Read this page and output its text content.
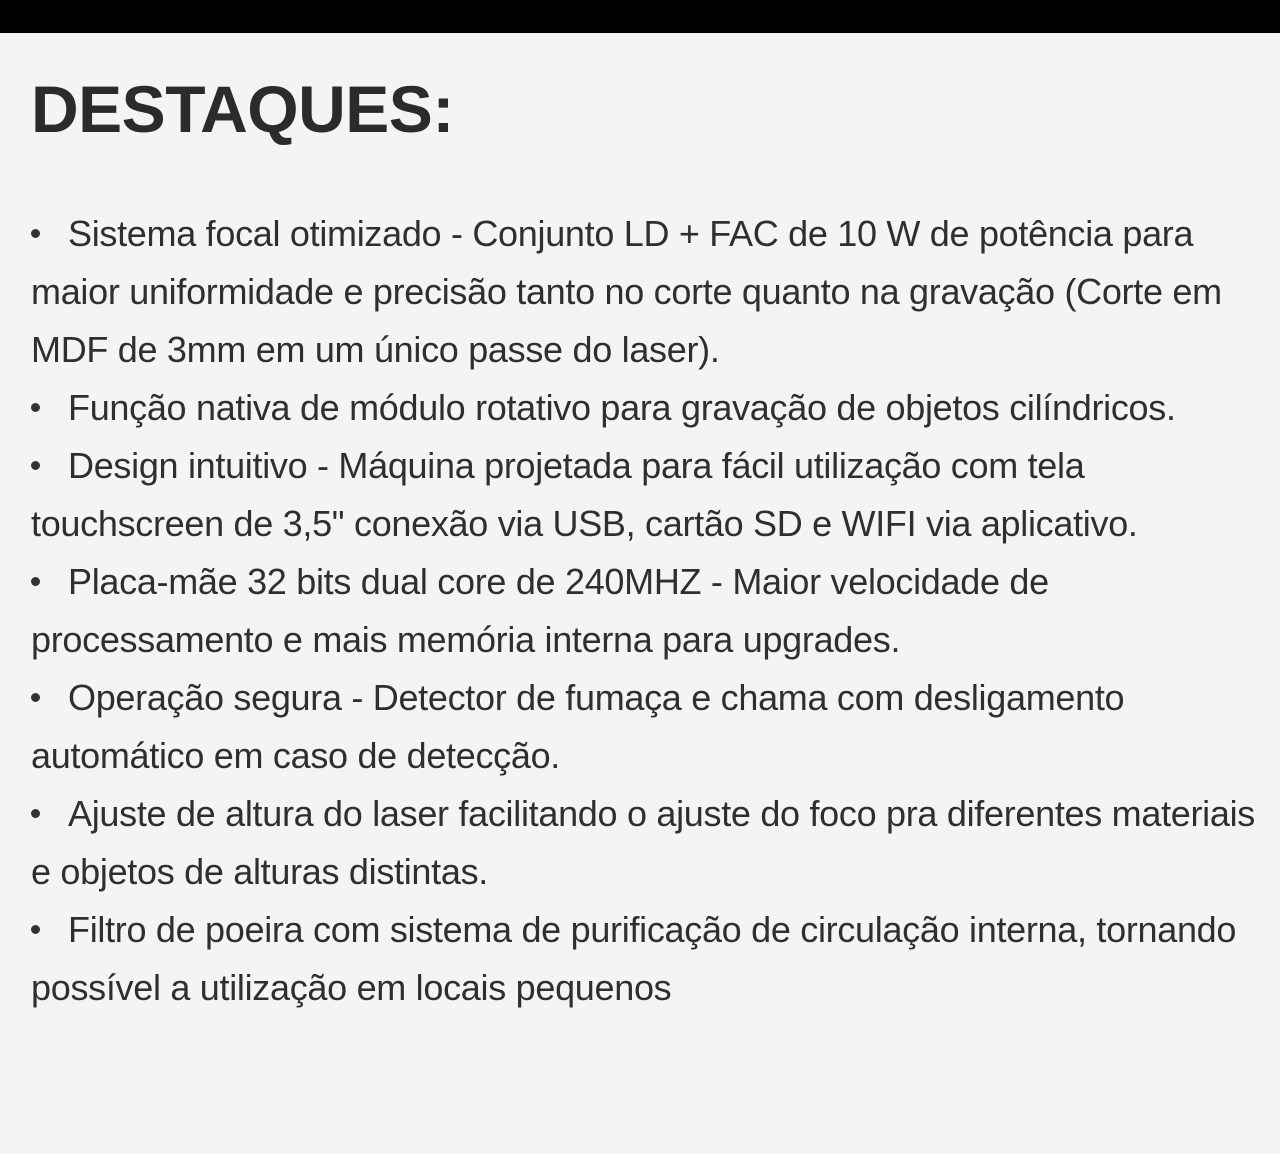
DESTAQUES:
Sistema focal otimizado - Conjunto LD + FAC de 10 W de potência para maior uniformidade e precisão tanto no corte quanto na gravação (Corte em MDF de 3mm em um único passe do laser).
Função nativa de módulo rotativo para gravação de objetos cilíndricos.
Design intuitivo - Máquina projetada para fácil utilização com tela touchscreen de 3,5" conexão via USB, cartão SD e WIFI via aplicativo.
Placa-mãe 32 bits dual core de 240MHZ - Maior velocidade de processamento e mais memória interna para upgrades.
Operação segura - Detector de fumaça e chama com desligamento automático em caso de detecção.
Ajuste de altura do laser facilitando o ajuste do foco pra diferentes materiais e objetos de alturas distintas.
Filtro de poeira com sistema de purificação de circulação interna, tornando possível a utilização em locais pequenos
